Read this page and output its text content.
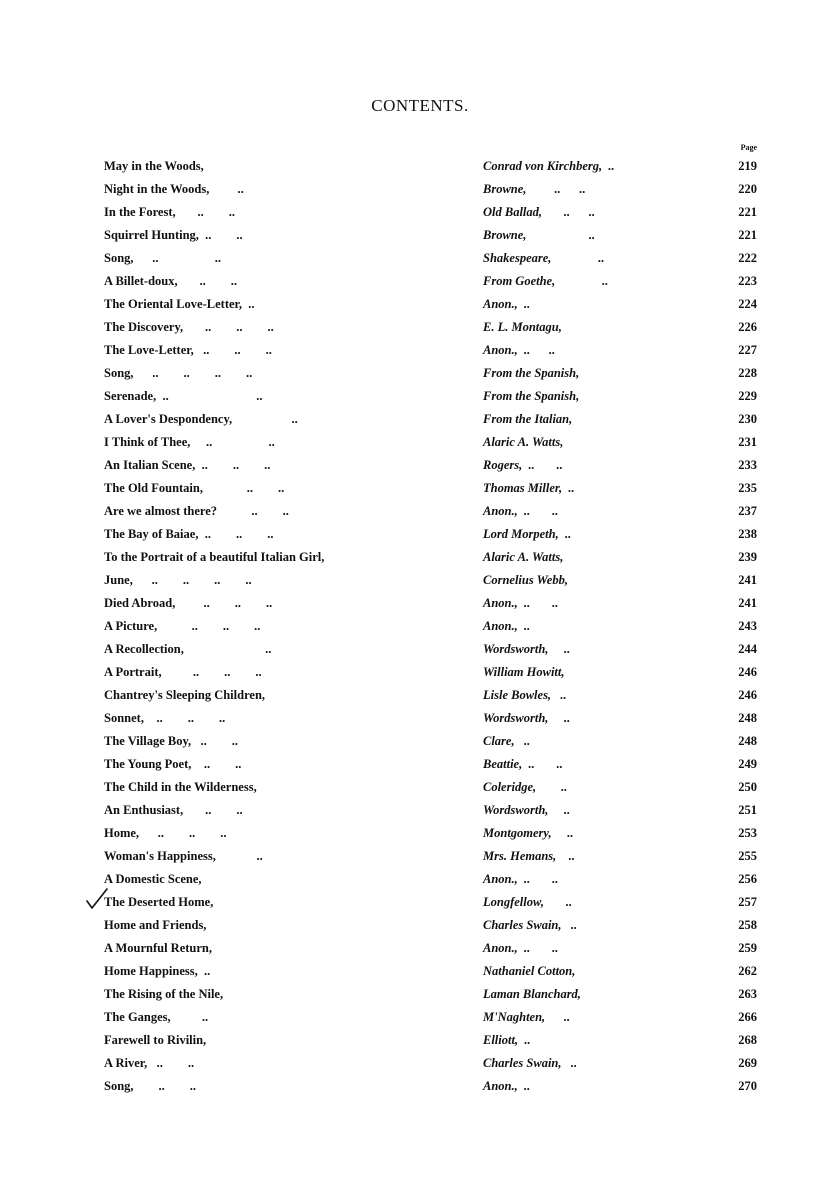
CONTENTS.
Page
May in the Woods,	Conrad von Kirchberg,  ..	219
Night in the Woods,         ..	Browne,         ..      ..	220
In the Forest,       ..        ..	Old Ballad,       ..      ..	221
Squirrel Hunting,  ..        ..	Browne,                    ..	221
Song,      ..                  ..	Shakespeare,               ..	222
A Billet-doux,       ..        ..	From Goethe,               ..	223
The Oriental Love-Letter,  ..	Anon.,  ..	224
The Discovery,       ..        ..        ..	E. L. Montagu,	226
The Love-Letter,   ..        ..        ..	Anon.,  ..      ..	227
Song,      ..        ..        ..        ..	From the Spanish,	228
Serenade,  ..                            ..	From the Spanish,	229
A Lover's Despondency,                   ..	From the Italian,	230
I Think of Thee,     ..                  ..	Alaric A. Watts,	231
An Italian Scene,  ..        ..        ..	Rogers,  ..       ..	233
The Old Fountain,              ..        ..	Thomas Miller,  ..	235
Are we almost there?           ..        ..	Anon.,  ..       ..	237
The Bay of Baiae,  ..        ..        ..	Lord Morpeth,  ..	238
To the Portrait of a beautiful Italian Girl,	Alaric A. Watts,	239
June,      ..        ..        ..        ..	Cornelius Webb,	241
Died Abroad,         ..        ..        ..	Anon.,  ..       ..	241
A Picture,           ..        ..        ..	Anon.,  ..	243
A Recollection,                          ..	Wordsworth,     ..	244
A Portrait,          ..        ..        ..	William Howitt,	246
Chantrey's Sleeping Children,	Lisle Bowles,   ..	246
Sonnet,    ..        ..        ..	Wordsworth,     ..	248
The Village Boy,   ..        ..	Clare,   ..	248
The Young Poet,    ..        ..	Beattie,  ..       ..	249
The Child in the Wilderness,	Coleridge,        ..	250
An Enthusiast,       ..        ..	Wordsworth,     ..	251
Home,      ..        ..        ..	Montgomery,     ..	253
Woman's Happiness,             ..	Mrs. Hemans,    ..	255
A Domestic Scene,	Anon.,  ..       ..	256
The Deserted Home,	Longfellow,       ..	257
Home and Friends,	Charles Swain,   ..	258
A Mournful Return,	Anon.,  ..       ..	259
Home Happiness,  ..	Nathaniel Cotton,	262
The Rising of the Nile,	Laman Blanchard,	263
The Ganges,          ..	M'Naghten,      ..	266
Farewell to Rivilin,	Elliott,  ..	268
A River,   ..        ..	Charles Swain,   ..	269
Song,        ..        ..	Anon.,  ..	270
